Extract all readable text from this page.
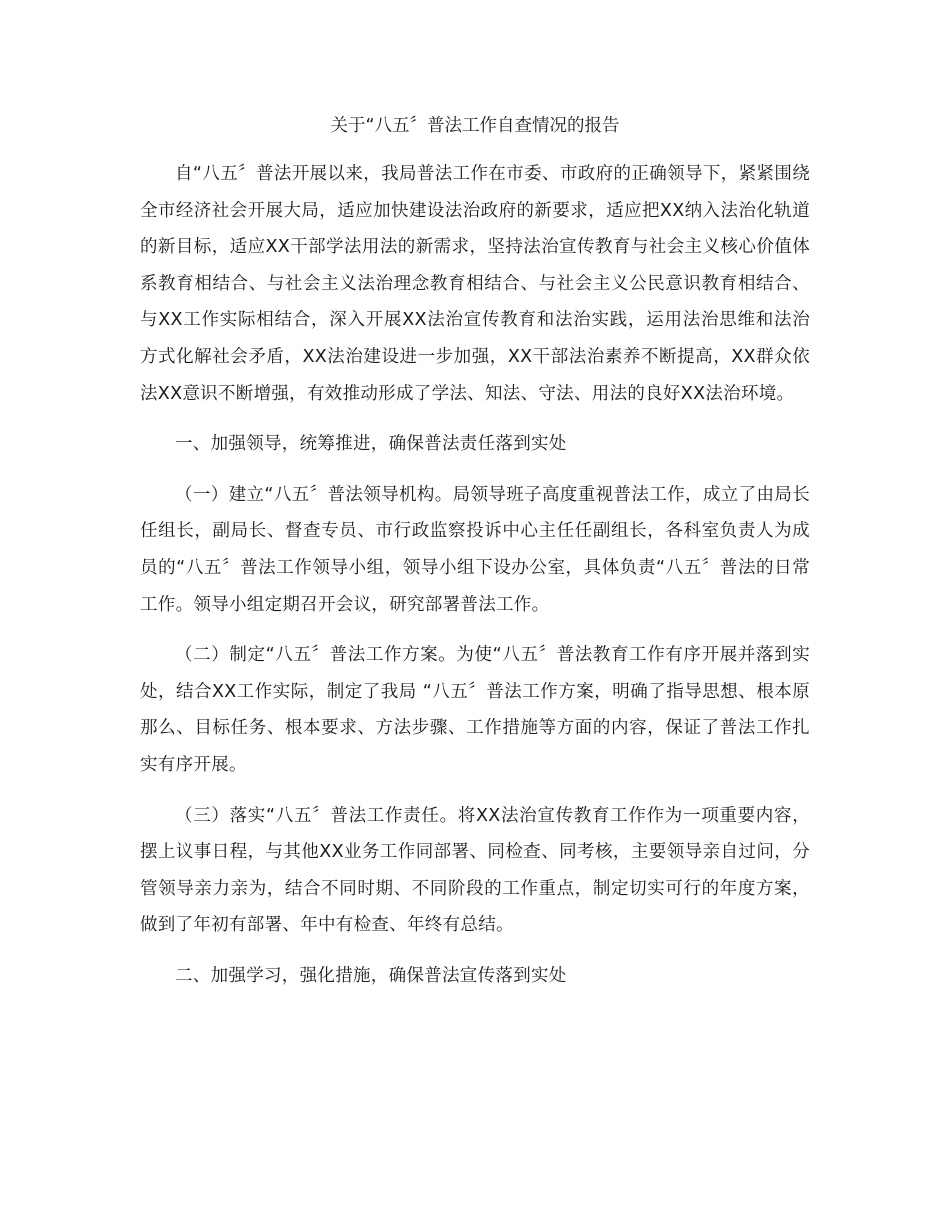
关于“八五〞普法工作自查情况的报告

自“八五〞普法开展以来，我局普法工作在市委、市政府的正确领导下，紧紧围绕全市经济社会开展大局，适应加快建设法治政府的新要求，适应把XX纳入法治化轨道的新目标，适应XX干部学法用法的新需求，坚持法治宣传教育与社会主义核心价值体系教育相结合、与社会主义法治理念教育相结合、与社会主义公民意识教育相结合、与XX工作实际相结合，深入开展XX法治宣传教育和法治实践，运用法治思维和法治方式化解社会矛盾，XX法治建设进一步加强，XX干部法治素养不断提高，XX群众依法XX意识不断增强，有效推动形成了学法、知法、守法、用法的良好XX法治环境。

一、加强领导，统筹推进，确保普法责任落到实处

（一）建立“八五〞普法领导机构。局领导班子高度重视普法工作，成立了由局长任组长，副局长、督查专员、市行政监察投诉中心主任任副组长，各科室负责人为成员的“八五〞普法工作领导小组，领导小组下设办公室，具体负责“八五〞普法的日常工作。领导小组定期召开会议，研究部署普法工作。

（二）制定“八五〞普法工作方案。为使“八五〞普法教育工作有序开展并落到实处，结合XX工作实际，制定了我局 “八五〞普法工作方案，明确了指导思想、根本原那么、目标任务、根本要求、方法步骤、工作措施等方面的内容，保证了普法工作扎实有序开展。

（三）落实“八五〞普法工作责任。将XX法治宣传教育工作作为一项重要内容，摆上议事日程，与其他XX业务工作同部署、同检查、同考核，主要领导亲自过问，分管领导亲力亲为，结合不同时期、不同阶段的工作重点，制定切实可行的年度方案，做到了年初有部署、年中有检查、年终有总结。

二、加强学习，强化措施，确保普法宣传落到实处
